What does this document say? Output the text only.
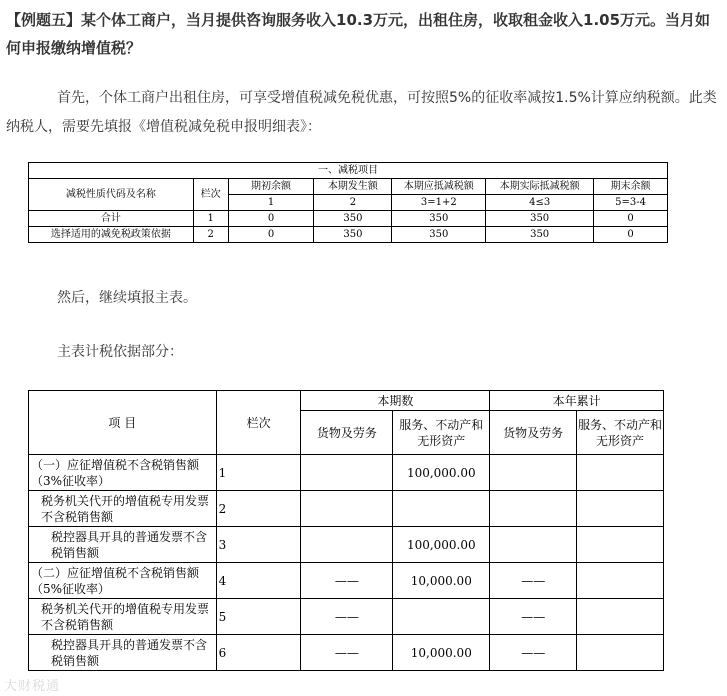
【例题五】某个体工商户，当月提供咨询服务收入10.3万元，出租住房，收取租金收入1.05万元。当月如何申报缴纳增值税？

首先，个体工商户出租住房，可享受增值税减免税优惠，可按照5%的征收率减按1.5%计算应纳税额。此类纳税人，需要先填报《增值税减免税申报明细表》：

一、减税项目						
减税性质代码及名称	栏次	期初余额	本期发生额	本期应抵减税额	本期实际抵减税额	期末余额
		1	2	3=1+2	4≤3	5=3-4
合计	1	0	350	350	350	0
选择适用的减免税政策依据	2	0	350	350	350	0

然后，继续填报主表。

主表计税依据部分：

项 目	栏次	本期数		本年累计	
		货物及劳务	服务、不动产和无形资产	货物及劳务	服务、不动产和无形资产
（一）应征增值税不含税销售额（3%征收率）	1		100,000.00		
税务机关代开的增值税专用发票不含税销售额	2				
税控器具开具的普通发票不含税销售额	3		100,000.00		
（二）应征增值税不含税销售额（5%征收率）	4	——	10,000.00	——	
税务机关代开的增值税专用发票不含税销售额	5	——		——	
税控器具开具的普通发票不含税销售额	6	——	10,000.00	——	
大财税通
